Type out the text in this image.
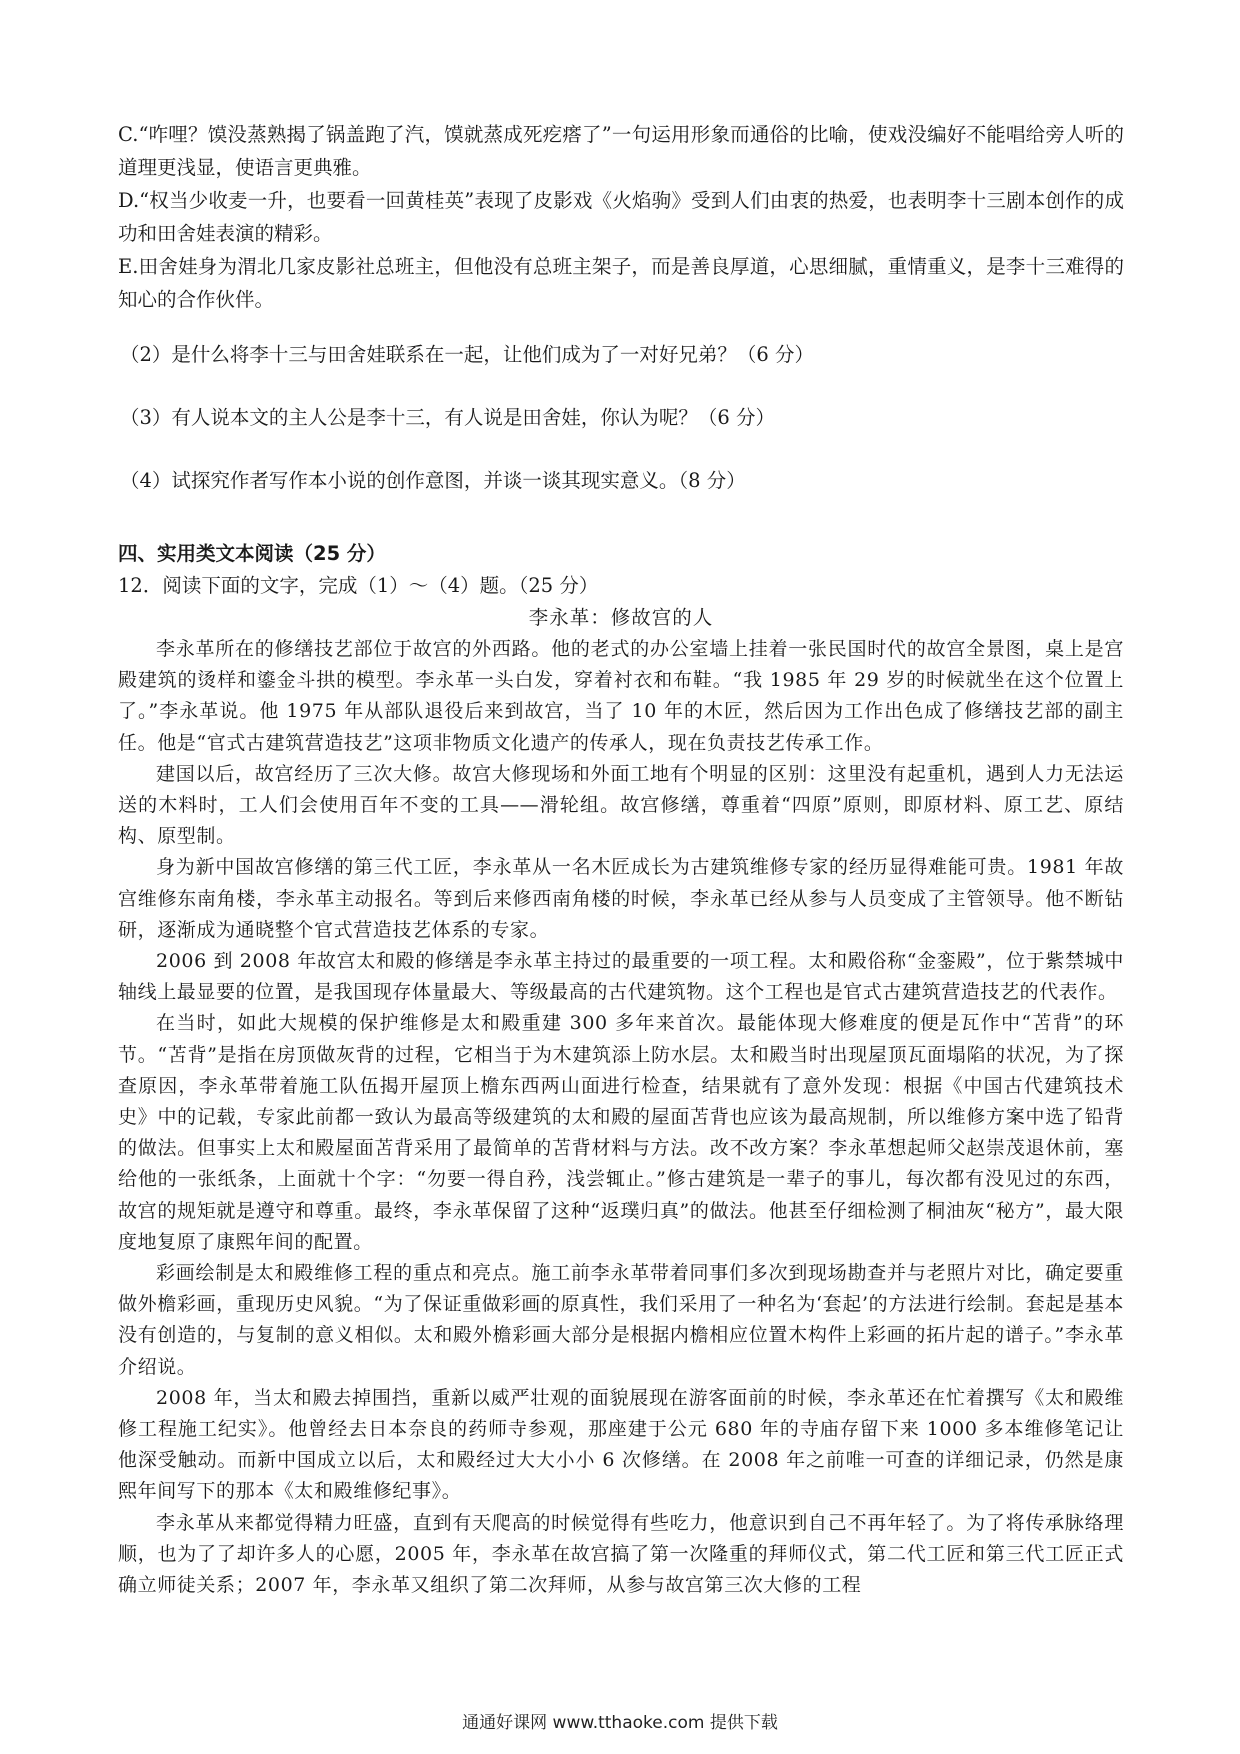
C.“咋哩？馍没蒸熟揭了锅盖跑了汽，馍就蒸成死疙瘩了”一句运用形象而通俗的比喻，使戏没编好不能唱给旁人听的道理更浅显，使语言更典雅。

D.“权当少收麦一升，也要看一回黄桂英”表现了皮影戏《火焰驹》受到人们由衷的热爱，也表明李十三剧本创作的成功和田舍娃表演的精彩。

E.田舍娃身为渭北几家皮影社总班主，但他没有总班主架子，而是善良厚道，心思细腻，重情重义，是李十三难得的知心的合作伙伴。

（2）是什么将李十三与田舍娃联系在一起，让他们成为了一对好兄弟？（6 分）

（3）有人说本文的主人公是李十三，有人说是田舍娃，你认为呢？（6 分）

（4）试探究作者写作本小说的创作意图，并谈一谈其现实意义。（8 分）

四、实用类文本阅读（25 分）

12．阅读下面的文字，完成（1）～（4）题。（25 分）

李永革：修故宫的人

李永革所在的修缮技艺部位于故宫的外西路。他的老式的办公室墙上挂着一张民国时代的故宫全景图，桌上是宫殿建筑的烫样和鎏金斗拱的模型。李永革一头白发，穿着衬衣和布鞋。“我 1985 年 29 岁的时候就坐在这个位置上了。”李永革说。他 1975 年从部队退役后来到故宫，当了 10 年的木匠，然后因为工作出色成了修缮技艺部的副主任。他是“官式古建筑营造技艺”这项非物质文化遗产的传承人，现在负责技艺传承工作。

建国以后，故宫经历了三次大修。故宫大修现场和外面工地有个明显的区别：这里没有起重机，遇到人力无法运送的木料时，工人们会使用百年不变的工具——滑轮组。故宫修缮，尊重着“四原”原则，即原材料、原工艺、原结构、原型制。

身为新中国故宫修缮的第三代工匠，李永革从一名木匠成长为古建筑维修专家的经历显得难能可贵。1981 年故宫维修东南角楼，李永革主动报名。等到后来修西南角楼的时候，李永革已经从参与人员变成了主管领导。他不断钻研，逐渐成为通晓整个官式营造技艺体系的专家。

2006 到 2008 年故宫太和殿的修缮是李永革主持过的最重要的一项工程。太和殿俗称“金銮殿”，位于紫禁城中轴线上最显要的位置，是我国现存体量最大、等级最高的古代建筑物。这个工程也是官式古建筑营造技艺的代表作。

在当时，如此大规模的保护维修是太和殿重建 300 多年来首次。最能体现大修难度的便是瓦作中“苫背”的环节。“苫背”是指在房顶做灰背的过程，它相当于为木建筑添上防水层。太和殿当时出现屋顶瓦面塌陷的状况，为了探查原因，李永革带着施工队伍揭开屋顶上檐东西两山面进行检查，结果就有了意外发现：根据《中国古代建筑技术史》中的记载，专家此前都一致认为最高等级建筑的太和殿的屋面苫背也应该为最高规制，所以维修方案中选了铅背的做法。但事实上太和殿屋面苫背采用了最简单的苫背材料与方法。改不改方案？李永革想起师父赵崇茂退休前，塞给他的一张纸条，上面就十个字：“勿要一得自矜，浅尝辄止。”修古建筑是一辈子的事儿，每次都有没见过的东西，故宫的规矩就是遵守和尊重。最终，李永革保留了这种“返璞归真”的做法。他甚至仔细检测了桐油灰“秘方”，最大限度地复原了康熙年间的配置。

彩画绘制是太和殿维修工程的重点和亮点。施工前李永革带着同事们多次到现场勘查并与老照片对比，确定要重做外檐彩画，重现历史风貌。“为了保证重做彩画的原真性，我们采用了一种名为‘套起’的方法进行绘制。套起是基本没有创造的，与复制的意义相似。太和殿外檐彩画大部分是根据内檐相应位置木构件上彩画的拓片起的谱子。”李永革介绍说。

2008 年，当太和殿去掉围挡，重新以威严壮观的面貌展现在游客面前的时候，李永革还在忙着撰写《太和殿维修工程施工纪实》。他曾经去日本奈良的药师寺参观，那座建于公元 680 年的寺庙存留下来 1000 多本维修笔记让他深受触动。而新中国成立以后，太和殿经过大大小小 6 次修缮。在 2008 年之前唯一可查的详细记录，仍然是康熙年间写下的那本《太和殿维修纪事》。

李永革从来都觉得精力旺盛，直到有天爬高的时候觉得有些吃力，他意识到自己不再年轻了。为了将传承脉络理顺，也为了了却许多人的心愿，2005 年，李永革在故宫搞了第一次隆重的拜师仪式，第二代工匠和第三代工匠正式确立师徒关系；2007 年，李永革又组织了第二次拜师，从参与故宫第三次大修的工程

通通好课网 www.tthaoke.com 提供下载
